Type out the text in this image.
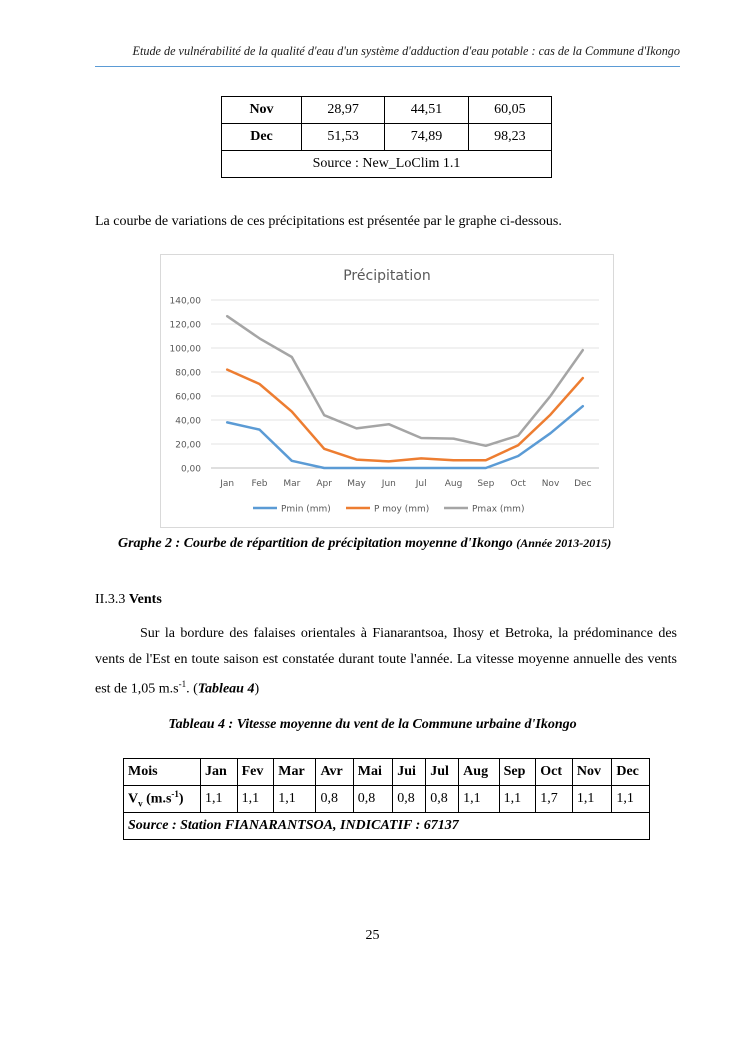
Etude de vulnérabilité de la qualité d'eau d'un système d'adduction d'eau potable : cas de la Commune d'Ikongo
Nov	28,97	44,51	60,05
Dec	51,53	74,89	98,23
Source : New_LoClim 1.1			
La courbe de variations de ces précipitations est présentée par le graphe ci-dessous.
Précipitation
0,00
20,00
40,00
60,00
80,00
100,00
120,00
140,00
Jan Feb Mar Apr May Jun Jul Aug Sep Oct Nov Dec
Pmin (mm)	P moy (mm)	Pmax (mm)
Graphe 2 : Courbe de répartition de précipitation moyenne d'Ikongo (Année 2013-2015)
II.3.3 Vents
Sur la bordure des falaises orientales à Fianarantsoa, Ihosy et Betroka, la prédominance des vents de l'Est en toute saison est constatée durant toute l'année. La vitesse moyenne annuelle des vents est de 1,05 $m.s^{-1}$. (Tableau 4)
Tableau 4 : Vitesse moyenne du vent de la Commune urbaine d'Ikongo
Mois	Jan	Fev	Mar	Avr	Mai	Jui	Jul	Aug	Sep	Oct	Nov	Dec
$V_v$ $(m.s^{-1})$	1,1	1,1	1,1	0,8	0,8	0,8	0,8	1,1	1,1	1,7	1,1	1,1
Source : Station FIANARANTSOA, INDICATIF : 67137												
25
